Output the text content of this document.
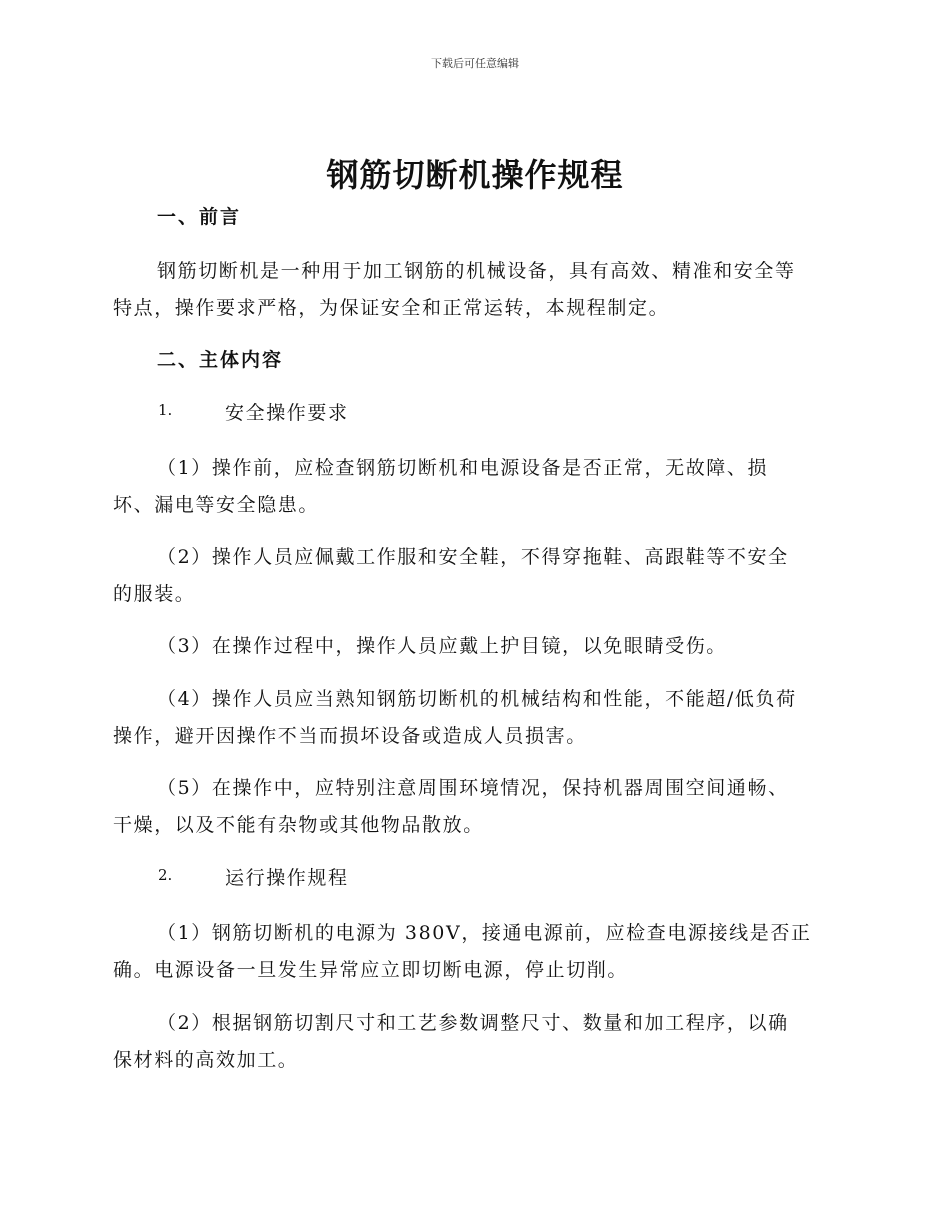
下载后可任意编辑
钢筋切断机操作规程
一、前言
钢筋切断机是一种用于加工钢筋的机械设备，具有高效、精准和安全等
特点，操作要求严格，为保证安全和正常运转，本规程制定。
二、主体内容
1.	安全操作要求
（1）操作前，应检查钢筋切断机和电源设备是否正常，无故障、损
坏、漏电等安全隐患。
（2）操作人员应佩戴工作服和安全鞋，不得穿拖鞋、高跟鞋等不安全
的服装。
（3）在操作过程中，操作人员应戴上护目镜，以免眼睛受伤。
（4）操作人员应当熟知钢筋切断机的机械结构和性能，不能超/低负荷
操作，避开因操作不当而损坏设备或造成人员损害。
（5）在操作中，应特别注意周围环境情况，保持机器周围空间通畅、
干燥，以及不能有杂物或其他物品散放。
2.	运行操作规程
（1）钢筋切断机的电源为 380V，接通电源前，应检查电源接线是否正
确。电源设备一旦发生异常应立即切断电源，停止切削。
（2）根据钢筋切割尺寸和工艺参数调整尺寸、数量和加工程序，以确
保材料的高效加工。
